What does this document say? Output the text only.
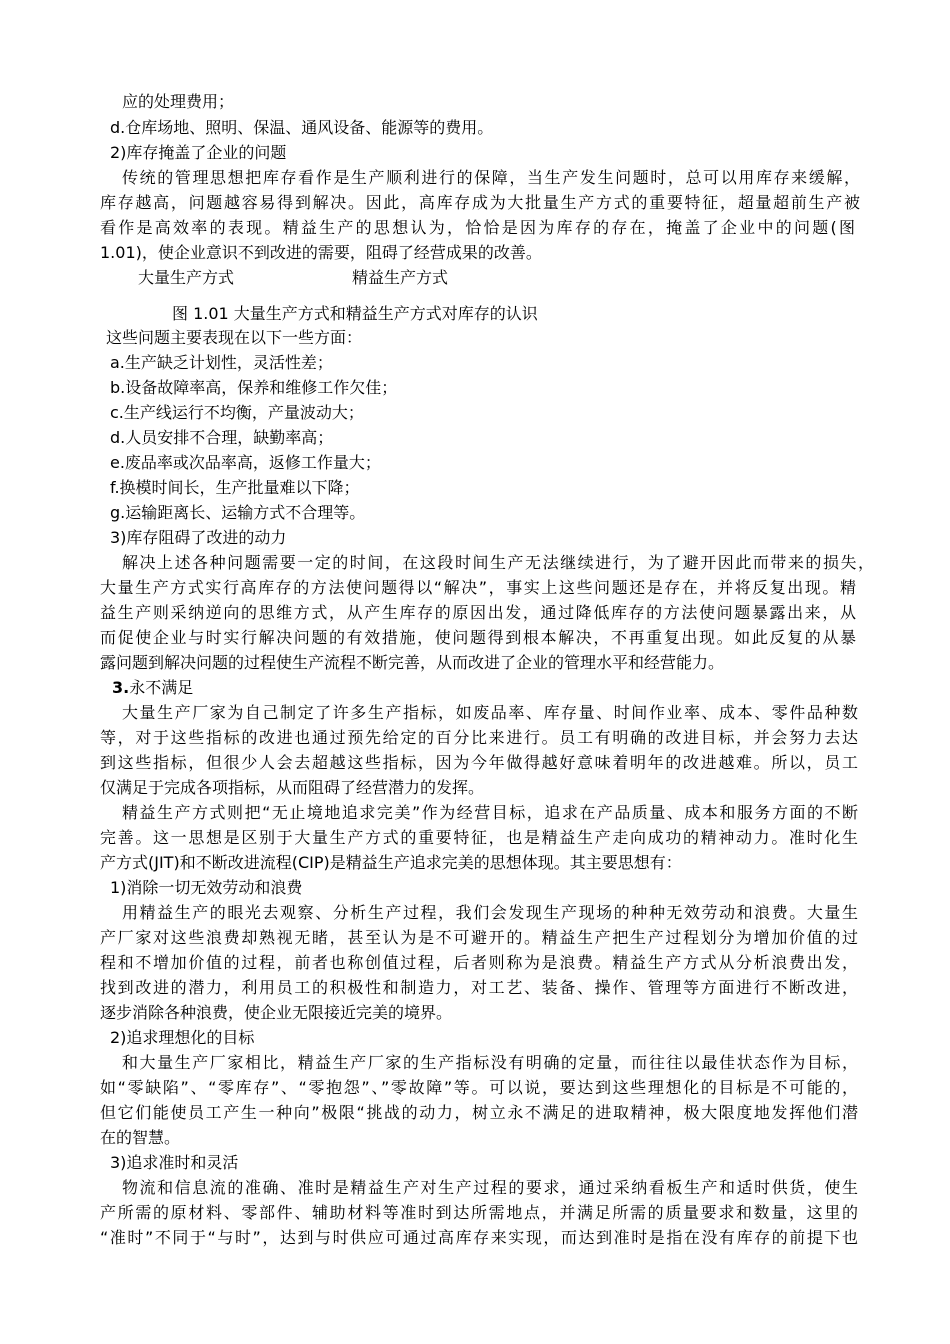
应的处理费用；
d.仓库场地、照明、保温、通风设备、能源等的费用。
2)库存掩盖了企业的问题
传统的管理思想把库存看作是生产顺利进行的保障，当生产发生问题时，总可以用库存来缓解，
库存越高，问题越容易得到解决。因此，高库存成为大批量生产方式的重要特征，超量超前生产被
看作是高效率的表现。精益生产的思想认为，恰恰是因为库存的存在，掩盖了企业中的问题(图
1.01)，使企业意识不到改进的需要，阻碍了经营成果的改善。
大量生产方式	精益生产方式
图 1.01 大量生产方式和精益生产方式对库存的认识
这些问题主要表现在以下一些方面：
a.生产缺乏计划性，灵活性差；
b.设备故障率高，保养和维修工作欠佳；
c.生产线运行不均衡，产量波动大；
d.人员安排不合理，缺勤率高；
e.废品率或次品率高，返修工作量大；
f.换模时间长，生产批量难以下降；
g.运输距离长、运输方式不合理等。
3)库存阻碍了改进的动力
解决上述各种问题需要一定的时间，在这段时间生产无法继续进行，为了避开因此而带来的损失，
大量生产方式实行高库存的方法使问题得以“解决”，事实上这些问题还是存在，并将反复出现。精
益生产则采纳逆向的思维方式，从产生库存的原因出发，通过降低库存的方法使问题暴露出来，从
而促使企业与时实行解决问题的有效措施，使问题得到根本解决，不再重复出现。如此反复的从暴
露问题到解决问题的过程使生产流程不断完善，从而改进了企业的管理水平和经营能力。
3.永不满足
大量生产厂家为自己制定了许多生产指标，如废品率、库存量、时间作业率、成本、零件品种数
等，对于这些指标的改进也通过预先给定的百分比来进行。员工有明确的改进目标，并会努力去达
到这些指标，但很少人会去超越这些指标，因为今年做得越好意味着明年的改进越难。所以，员工
仅满足于完成各项指标，从而阻碍了经营潜力的发挥。
精益生产方式则把“无止境地追求完美”作为经营目标，追求在产品质量、成本和服务方面的不断
完善。这一思想是区别于大量生产方式的重要特征，也是精益生产走向成功的精神动力。准时化生
产方式(JIT)和不断改进流程(CIP)是精益生产追求完美的思想体现。其主要思想有：
1)消除一切无效劳动和浪费
用精益生产的眼光去观察、分析生产过程，我们会发现生产现场的种种无效劳动和浪费。大量生
产厂家对这些浪费却熟视无睹，甚至认为是不可避开的。精益生产把生产过程划分为增加价值的过
程和不增加价值的过程，前者也称创值过程，后者则称为是浪费。精益生产方式从分析浪费出发，
找到改进的潜力，利用员工的积极性和制造力，对工艺、装备、操作、管理等方面进行不断改进，
逐步消除各种浪费，使企业无限接近完美的境界。
2)追求理想化的目标
和大量生产厂家相比，精益生产厂家的生产指标没有明确的定量，而往往以最佳状态作为目标，
如“零缺陷”、“零库存”、“零抱怨”、”零故障”等。可以说，要达到这些理想化的目标是不可能的，
但它们能使员工产生一种向”极限“挑战的动力，树立永不满足的进取精神，极大限度地发挥他们潜
在的智慧。
3)追求准时和灵活
物流和信息流的准确、准时是精益生产对生产过程的要求，通过采纳看板生产和适时供货，使生
产所需的原材料、零部件、辅助材料等准时到达所需地点，并满足所需的质量要求和数量，这里的
“准时”不同于“与时”，达到与时供应可通过高库存来实现，而达到准时是指在没有库存的前提下也
